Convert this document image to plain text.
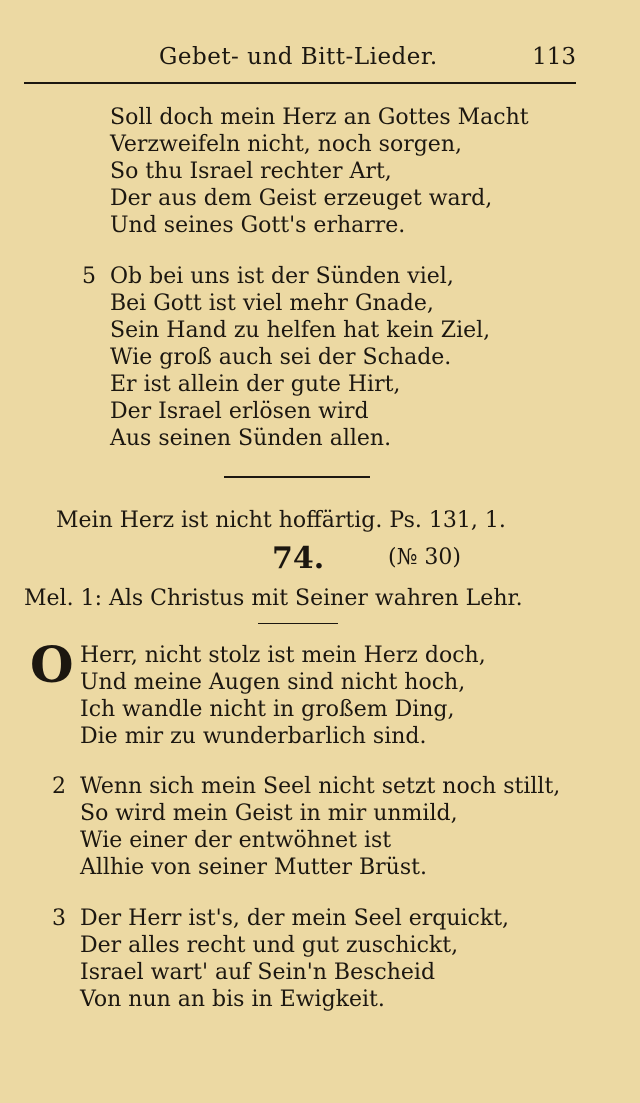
Gebet- und Bitt-Lieder.	113
Soll doch mein Herz an Gottes Macht
Verzweifeln nicht, noch sorgen,
So thu Israel rechter Art,
Der aus dem Geist erzeuget ward,
Und seines Gott's erharre.
5 Ob bei uns ist der Sünden viel,
Bei Gott ist viel mehr Gnade,
Sein Hand zu helfen hat kein Ziel,
Wie groß auch sei der Schade.
Er ist allein der gute Hirt,
Der Israel erlösen wird
Aus seinen Sünden allen.
Mein Herz ist nicht hoffärtig. Ps. 131, 1.
74.	(№ 30)
Mel. 1: Als Christus mit Seiner wahren Lehr.
O Herr, nicht stolz ist mein Herz doch,
Und meine Augen sind nicht hoch,
Ich wandle nicht in großem Ding,
Die mir zu wunderbarlich sind.
2 Wenn sich mein Seel nicht setzt noch stillt,
So wird mein Geist in mir unmild,
Wie einer der entwöhnet ist
Allhie von seiner Mutter Brüst.
3 Der Herr ist's, der mein Seel erquickt,
Der alles recht und gut zuschickt,
Israel wart' auf Sein'n Bescheid
Von nun an bis in Ewigkeit.
